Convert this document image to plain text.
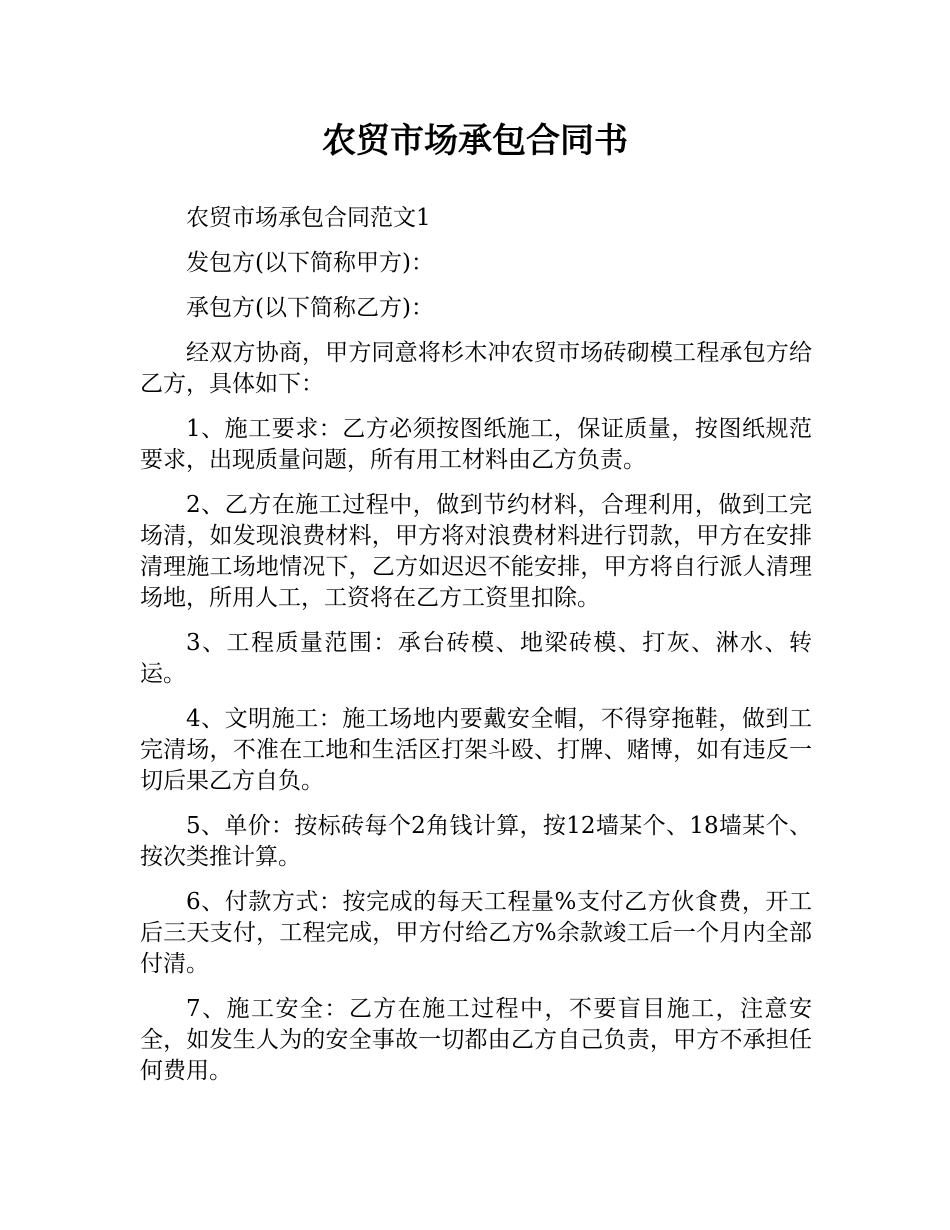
农贸市场承包合同书

农贸市场承包合同范文1

发包方(以下简称甲方)：

承包方(以下简称乙方)：

经双方协商，甲方同意将杉木冲农贸市场砖砌模工程承包方给乙方，具体如下：

1、施工要求：乙方必须按图纸施工，保证质量，按图纸规范要求，出现质量问题，所有用工材料由乙方负责。

2、乙方在施工过程中，做到节约材料，合理利用，做到工完场清，如发现浪费材料，甲方将对浪费材料进行罚款，甲方在安排清理施工场地情况下，乙方如迟迟不能安排，甲方将自行派人清理场地，所用人工，工资将在乙方工资里扣除。

3、工程质量范围：承台砖模、地梁砖模、打灰、淋水、转运。

4、文明施工：施工场地内要戴安全帽，不得穿拖鞋，做到工完清场，不准在工地和生活区打架斗殴、打牌、赌博，如有违反一切后果乙方自负。

5、单价：按标砖每个2角钱计算，按12墙某个、18墙某个、按次类推计算。

6、付款方式：按完成的每天工程量%支付乙方伙食费，开工后三天支付，工程完成，甲方付给乙方%余款竣工后一个月内全部付清。

7、施工安全：乙方在施工过程中，不要盲目施工，注意安全，如发生人为的安全事故一切都由乙方自己负责，甲方不承担任何费用。
